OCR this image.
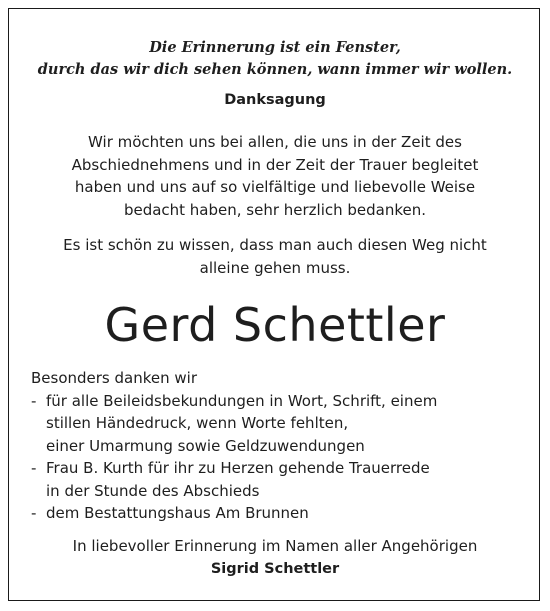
Die Erinnerung ist ein Fenster,
durch das wir dich sehen können, wann immer wir wollen.
Danksagung
Wir möchten uns bei allen, die uns in der Zeit des
Abschiednehmens und in der Zeit der Trauer begleitet
haben und uns auf so vielfältige und liebevolle Weise
bedacht haben, sehr herzlich bedanken.
Es ist schön zu wissen, dass man auch diesen Weg nicht
alleine gehen muss.
Gerd Schettler
Besonders danken wir
- für alle Beileidsbekundungen in Wort, Schrift, einem
stillen Händedruck, wenn Worte fehlten,
einer Umarmung sowie Geldzuwendungen
- Frau B. Kurth für ihr zu Herzen gehende Trauerrede
in der Stunde des Abschieds
- dem Bestattungshaus Am Brunnen
In liebevoller Erinnerung im Namen aller Angehörigen
Sigrid Schettler
